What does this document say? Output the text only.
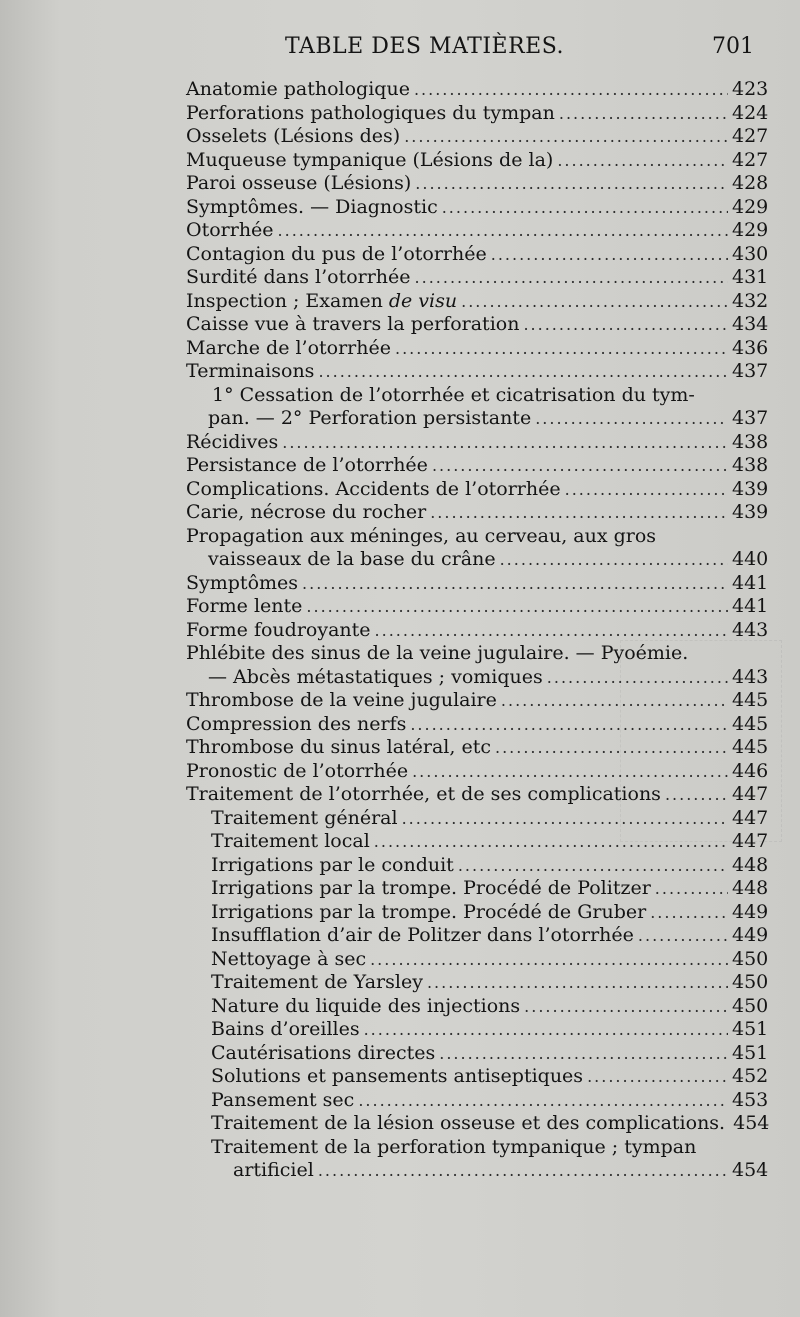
TABLE DES MATIÈRES.	701
Anatomie pathologique .....	423
Perforations pathologiques du tympan .....	424
Osselets (Lésions des) .....	427
Muqueuse tympanique (Lésions de la) .....	427
Paroi osseuse (Lésions) .....	428
Symptômes. — Diagnostic .....	429
Otorrhée .....	429
Contagion du pus de l’otorrhée .....	430
Surdité dans l’otorrhée .....	431
Inspection ; Examen de visu .....	432
Caisse vue à travers la perforation .....	434
Marche de l’otorrhée .....	436
Terminaisons .....	437
1° Cessation de l’otorrhée et cicatrisation du tym-
pan. — 2° Perforation persistante .....	437
Récidives .....	438
Persistance de l’otorrhée .....	438
Complications. Accidents de l’otorrhée .....	439
Carie, nécrose du rocher .....	439
Propagation aux méninges, au cerveau, aux gros
vaisseaux de la base du crâne .....	440
Symptômes .....	441
Forme lente .....	441
Forme foudroyante .....	443
Phlébite des sinus de la veine jugulaire. — Pyoémie.
— Abcès métastatiques ; vomiques .....	443
Thrombose de la veine jugulaire .....	445
Compression des nerfs .....	445
Thrombose du sinus latéral, etc .....	445
Pronostic de l’otorrhée .....	446
Traitement de l’otorrhée, et de ses complications .....	447
Traitement général .....	447
Traitement local .....	447
Irrigations par le conduit .....	448
Irrigations par la trompe. Procédé de Politzer .....	448
Irrigations par la trompe. Procédé de Gruber .....	449
Insufflation d’air de Politzer dans l’otorrhée .....	449
Nettoyage à sec .....	450
Traitement de Yarsley .....	450
Nature du liquide des injections .....	450
Bains d’oreilles .....	451
Cautérisations directes .....	451
Solutions et pansements antiseptiques .....	452
Pansement sec .....	453
Traitement de la lésion osseuse et des complications. 454
Traitement de la perforation tympanique ; tympan
artificiel .....	454
